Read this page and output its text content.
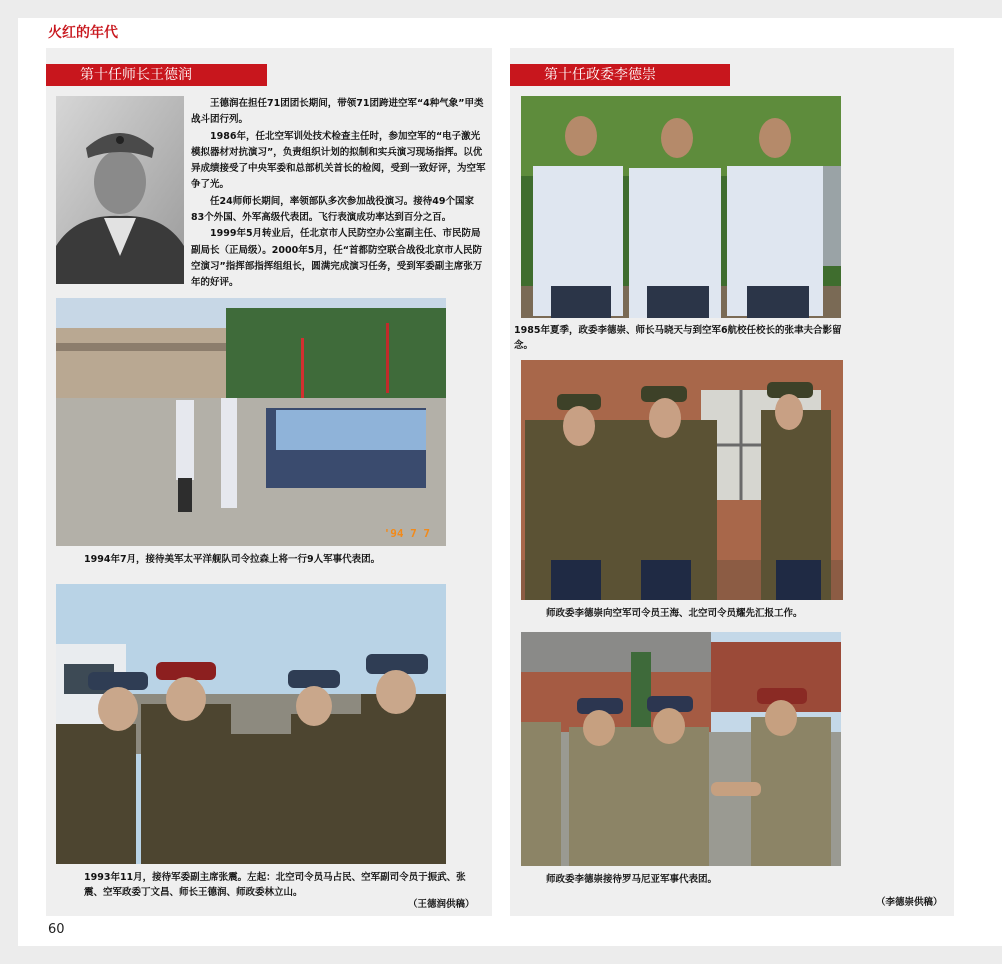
火红的年代
第十任师长王德润

王德润在担任71团团长期间，带领71团跨进空军“4种气象”甲类战斗团行列。

1986年，任北空军训处技术检查主任时，参加空军的“电子激光模拟器材对抗演习”，负责组织计划的拟制和实兵演习现场指挥。以优异成绩接受了中央军委和总部机关首长的检阅，受到一致好评，为空军争了光。

任24师师长期间，率领部队多次参加战役演习。接待49个国家83个外国、外军高级代表团。飞行表演成功率达到百分之百。

1999年5月转业后，任北京市人民防空办公室副主任、市民防局副局长（正局级）。2000年5月，任“首都防空联合战役北京市人民防空演习”指挥部指挥组组长，圆满完成演习任务，受到军委副主席张万年的好评。

'94 7 7
1994年7月，接待美军太平洋舰队司令拉森上将一行9人军事代表团。
1993年11月，接待军委副主席张震。左起：北空司令员马占民、空军副司令员于振武、张震、空军政委丁文昌、师长王德润、师政委林立山。
（王德润供稿）
第十任政委李德崇
1985年夏季，政委李德崇、师长马晓天与到空军6航校任校长的张聿夫合影留念。
师政委李德崇向空军司令员王海、北空司令员耀先汇报工作。
师政委李德崇接待罗马尼亚军事代表团。
（李德崇供稿）
60
